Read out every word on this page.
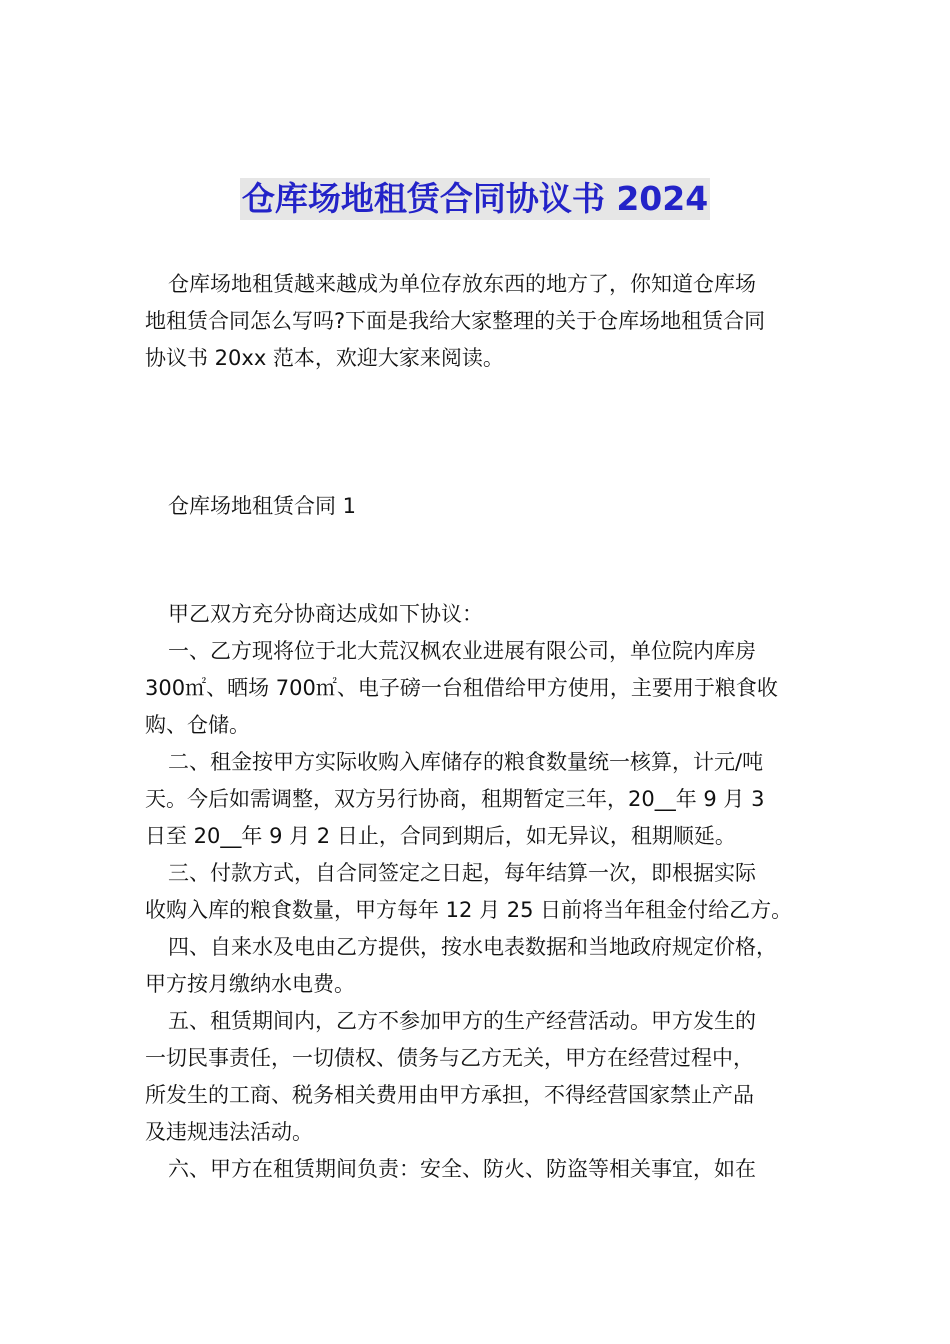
仓库场地租赁合同协议书 2024
仓库场地租赁越来越成为单位存放东西的地方了，你知道仓库场
地租赁合同怎么写吗?下面是我给大家整理的关于仓库场地租赁合同
协议书 20xx 范本，欢迎大家来阅读。
仓库场地租赁合同 1
甲乙双方充分协商达成如下协议：
一、乙方现将位于北大荒汉枫农业进展有限公司，单位院内库房
300㎡、晒场 700㎡、电子磅一台租借给甲方使用，主要用于粮食收
购、仓储。
二、租金按甲方实际收购入库储存的粮食数量统一核算，计元/吨
天。今后如需调整，双方另行协商，租期暂定三年，20__年 9 月 3
日至 20__年 9 月 2 日止，合同到期后，如无异议，租期顺延。
三、付款方式，自合同签定之日起，每年结算一次，即根据实际
收购入库的粮食数量，甲方每年 12 月 25 日前将当年租金付给乙方。
四、自来水及电由乙方提供，按水电表数据和当地政府规定价格，
甲方按月缴纳水电费。
五、租赁期间内，乙方不参加甲方的生产经营活动。甲方发生的
一切民事责任，一切债权、债务与乙方无关，甲方在经营过程中，
所发生的工商、税务相关费用由甲方承担，不得经营国家禁止产品
及违规违法活动。
六、甲方在租赁期间负责：安全、防火、防盗等相关事宜，如在
